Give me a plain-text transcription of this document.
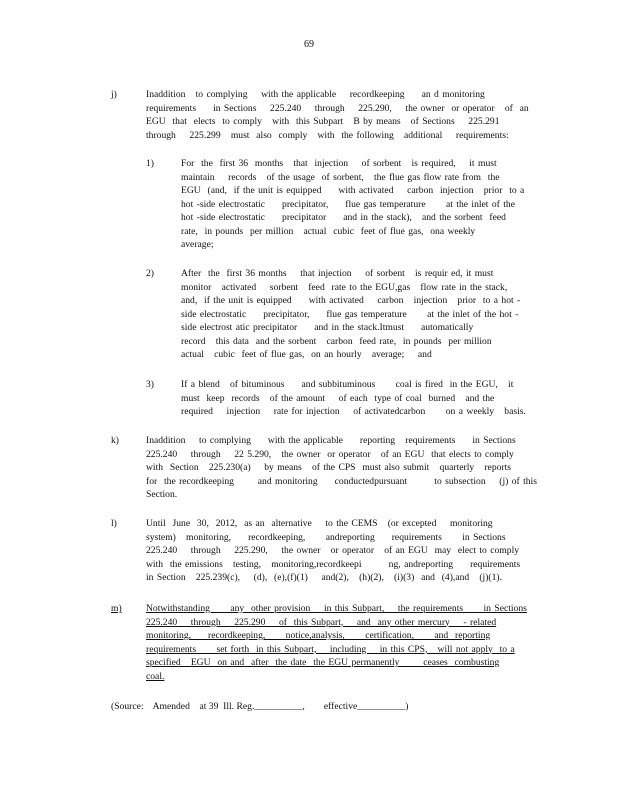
69
j)	Inaddition   to complying    with the applicable    recordkeeping     an d monitoring
requirements     in Sections    225.240    through    225.290,    the owner  or operator   of  an
EGU  that  elects  to comply   with  this Subpart   B by means   of Sections    225.291
through    225.299   must  also  comply   with  the following   additional    requirements:
1)	For  the  first 36  months   that  injection    of sorbent   is required,    it must
maintain    records   of the usage  of sorbent,   the flue gas flow rate from  the
EGU  (and,  if the unit is equipped     with activated    carbon  injection   prior  to a
hot -side electrostatic     precipitator,     flue gas temperature      at the inlet of the
hot -side electrostatic     precipitator     and in the stack),   and the sorbent  feed
rate,  in pounds  per million   actual  cubic  feet of flue gas,  ona weekly
average;
2)	After  the  first 36 months    that injection    of sorbent   is requir ed, it must
monitor   activated    sorbent   feed  rate to the EGU,gas   flow rate in the stack,
and,  if the unit is equipped     with activated    carbon   injection   prior  to a hot -
side electrostatic     precipitator,     flue gas temperature      at the inlet of the hot -
side electrost atic precipitator     and in the stack.Itmust     automatically
record   this data  and the sorbent   carbon  feed rate,  in pounds  per million
actual   cubic  feet of flue gas,  on an hourly   average;    and
3)	If a blend   of bituminous     and subbituminous      coal is fired  in the EGU,   it
must  keep  records   of the amount    of each  type of coal  burned   and the
required    injection    rate for injection    of activatedcarbon      on a weekly   basis.
k)	Inaddition    to complying     with the applicable     reporting   requirements     in Sections
225.240    through    22 5.290,   the owner  or operator   of an EGU  that elects to comply
with  Section   225.230(a)    by means   of the CPS  must also submit   quarterly   reports
for  the recordkeeping       and monitoring     conductedpursuant        to subsection    (j) of this
Section.
l)	Until  June  30,  2012,  as an  alternative    to the CEMS   (or excepted    monitoring
system)   monitoring,     recordkeeping,      andreporting     requirements      in Sections
225.240    through    225.290,    the owner   or operator   of an EGU  may  elect to comply
with  the emissions   testing,   monitoring,recordkeepi        ng, andreporting     requirements
in Section   225.239(c),    (d),  (e),(f)(1)    and(2),   (h)(2),   (i)(3)  and  (4),and   (j)(1).
m)	Notwithstanding      any  other provision    in this Subpart,    the requirements      in Sections
225.240    through    225.290    of  this Subpart,    and  any other mercury    - related
monitoring,     recordkeeping,      notice,analysis,      certification,      and  reporting
requirements      set forth  in this Subpart,    including    in this CPS,   will not apply  to a
specified   EGU  on and  after  the date  the EGU permanently       ceases  combusting
coal.
(Source:    Amended    at 39  Ill. Reg.__________,        effective__________)
